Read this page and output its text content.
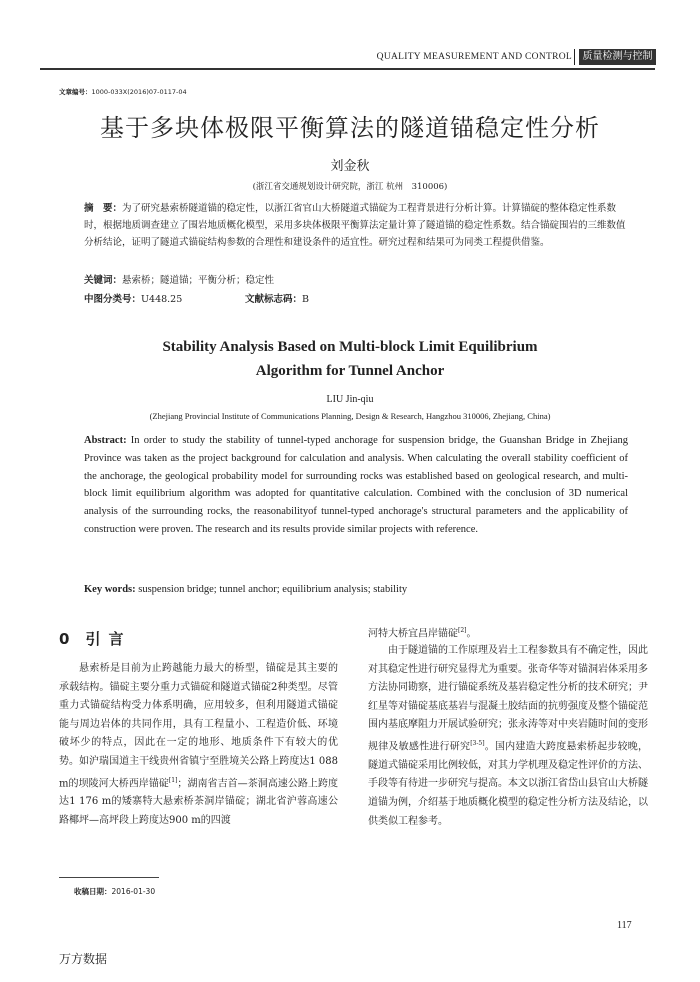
QUALITY MEASUREMENT AND CONTROL	质量检测与控制
文章编号：1000-033X(2016)07-0117-04
基于多块体极限平衡算法的隧道锚稳定性分析
刘金秋
(浙江省交通规划设计研究院，浙江 杭州　310006)
摘　要：为了研究悬索桥隧道锚的稳定性，以浙江省官山大桥隧道式锚碇为工程背景进行分析计算。计算锚碇的整体稳定性系数时，根据地质调查建立了围岩地质概化模型，采用多块体极限平衡算法定量计算了隧道锚的稳定性系数。结合锚碇围岩的三维数值分析结论，证明了隧道式锚碇结构参数的合理性和建设条件的适宜性。研究过程和结果可为同类工程提供借鉴。
关键词：悬索桥；隧道锚；平衡分析；稳定性
中图分类号：U448.25	文献标志码：B
Stability Analysis Based on Multi-block Limit Equilibrium
Algorithm for Tunnel Anchor
LIU Jin-qiu
(Zhejiang Provincial Institute of Communications Planning, Design & Research, Hangzhou 310006, Zhejiang, China)
Abstract: In order to study the stability of tunnel-typed anchorage for suspension bridge, the Guanshan Bridge in Zhejiang Province was taken as the project background for calculation and analysis. When calculating the overall stability coefficient of the anchorage, the geological probability model for surrounding rocks was established based on geological research, and multi-block limit equilibrium algorithm was adopted for quantitative calculation. Combined with the conclusion of 3D numerical analysis of the surrounding rocks, the reasonabilityof tunnel-typed anchorage's structural parameters and the applicability of construction were proven. The research and its results provide similar projects with reference.
Key words: suspension bridge; tunnel anchor; equilibrium analysis; stability
0 引言
悬索桥是目前为止跨越能力最大的桥型，锚碇是其主要的承载结构。锚碇主要分重力式锚碇和隧道式锚碇2种类型。尽管重力式锚碇结构受力体系明确，应用较多，但利用隧道式锚碇能与周边岩体的共同作用，具有工程量小、工程造价低、环境破坏少的特点，因此在一定的地形、地质条件下有较大的优势。如沪瑞国道主干线贵州省镇宁至胜境关公路上跨度达1 088 m的坝陵河大桥西岸锚碇[1]；湖南省吉首—茶洞高速公路上跨度达1 176 m的矮寨特大悬索桥茶洞岸锚碇；湖北省沪蓉高速公路椰坪—高坪段上跨度达900 m的四渡
河特大桥宜昌岸锚碇[2]。
由于隧道锚的工作原理及岩土工程参数具有不确定性，因此对其稳定性进行研究显得尤为重要。张奇华等对锚洞岩体采用多方法协同勘察，进行锚碇系统及基岩稳定性分析的技术研究；尹红星等对锚碇基底基岩与混凝土胶结面的抗剪强度及整个锚碇范围内基底摩阻力开展试验研究；张永涛等对中夹岩随时间的变形规律及敏感性进行研究[3-5]。国内建造大跨度悬索桥起步较晚，隧道式锚碇采用比例较低，对其力学机理及稳定性评价的方法、手段等有待进一步研究与提高。本文以浙江省岱山县官山大桥隧道锚为例，介绍基于地质概化模型的稳定性分析方法及结论，以供类似工程参考。
收稿日期：2016-01-30
117
万方数据
